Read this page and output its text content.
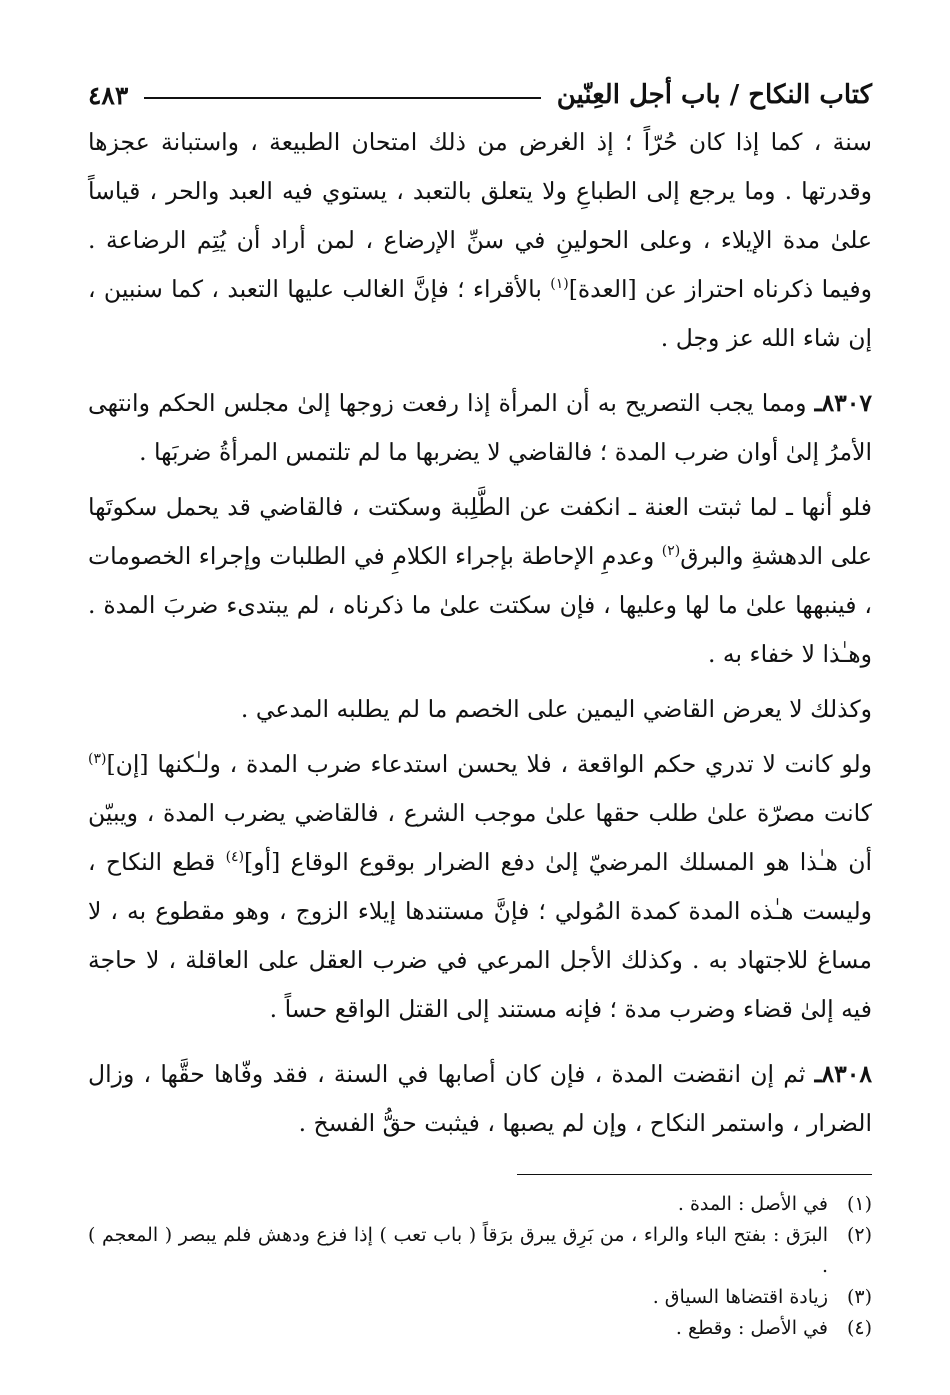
كتاب النكاح / باب أجل العِنّين
٤٨٣

سنة ، كما إذا كان حُرّاً ؛ إذ الغرض من ذلك امتحان الطبيعة ، واستبانة عجزها وقدرتها . وما يرجع إلى الطباعِ ولا يتعلق بالتعبد ، يستوي فيه العبد والحر ، قياساً علىٰ مدة الإيلاء ، وعلى الحولينِ في سنِّ الإرضاع ، لمن أراد أن يُتِم الرضاعة . وفيما ذكرناه احتراز عن [العدة]$^{(١)}$ بالأقراء ؛ فإنَّ الغالب عليها التعبد ، كما سنبين ، إن شاء الله عز وجل .

٨٣٠٧ـ ومما يجب التصريح به أن المرأة إذا رفعت زوجها إلىٰ مجلس الحكم وانتهى الأمرُ إلىٰ أوان ضرب المدة ؛ فالقاضي لا يضربها ما لم تلتمس المرأةُ ضربَها .

فلو أنها ـ لما ثبتت العنة ـ انكفت عن الطَّلِبة وسكتت ، فالقاضي قد يحمل سكوتَها على الدهشةِ والبرق$^{(٢)}$ وعدمِ الإحاطة بإجراء الكلامِ في الطلبات وإجراء الخصومات ، فينبهها علىٰ ما لها وعليها ، فإن سكتت علىٰ ما ذكرناه ، لم يبتدىء ضربَ المدة . وهـٰذا لا خفاء به .

وكذلك لا يعرض القاضي اليمين على الخصم ما لم يطلبه المدعي .

ولو كانت لا تدري حكم الواقعة ، فلا يحسن استدعاء ضرب المدة ، ولـٰكنها [إن]$^{(٣)}$ كانت مصرّة علىٰ طلب حقها علىٰ موجب الشرع ، فالقاضي يضرب المدة ، ويبيّن أن هـٰذا هو المسلك المرضيّ إلىٰ دفع الضرار بوقوع الوقاع [أو]$^{(٤)}$ قطع النكاح ، وليست هـٰذه المدة كمدة المُولي ؛ فإنَّ مستندها إيلاء الزوج ، وهو مقطوع به ، لا مساغ للاجتهاد به . وكذلك الأجل المرعي في ضرب العقل على العاقلة ، لا حاجة فيه إلىٰ قضاء وضرب مدة ؛ فإنه مستند إلى القتل الواقع حساً .

٨٣٠٨ـ ثم إن انقضت المدة ، فإن كان أصابها في السنة ، فقد وفّاها حقَّها ، وزال الضرار ، واستمر النكاح ، وإن لم يصبها ، فيثبت حقُّ الفسخ .

(١)
في الأصل : المدة .

(٢)
البرَق : بفتح الباء والراء ، من بَرِق يبرق برَقاً ( باب تعب ) إذا فزع ودهش فلم يبصر ( المعجم ) .

(٣)
زيادة اقتضاها السياق .

(٤)
في الأصل : وقطع .
